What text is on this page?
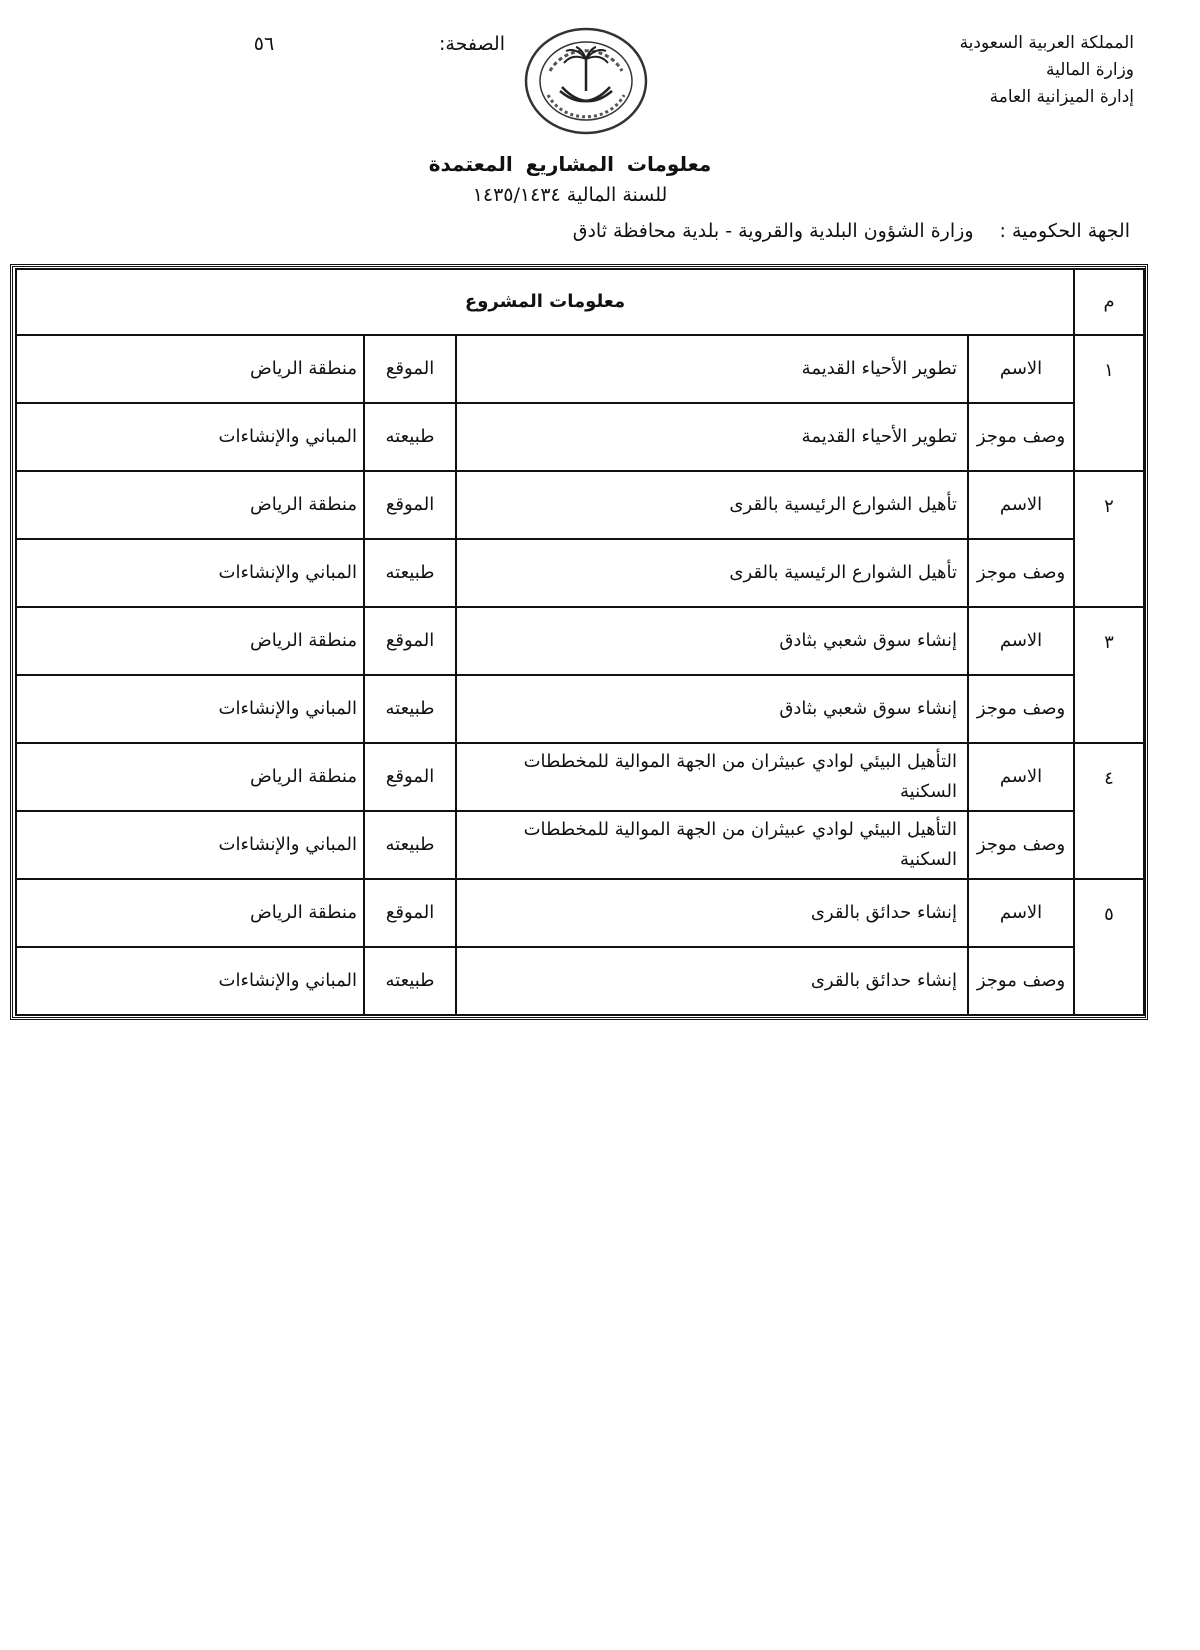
المملكة العربية السعودية
وزارة المالية
إدارة الميزانية العامة
الصفحة:
٥٦
معلومات المشاريع المعتمدة
للسنة المالية ١٤٣٥/١٤٣٤
الجهة الحكومية :وزارة الشؤون البلدية والقروية - بلدية محافظة ثادق
م	معلومات المشروع			
١	الاسم	تطوير الأحياء القديمة	الموقع	منطقة الرياض
	وصف موجز	تطوير الأحياء القديمة	طبيعته	المباني والإنشاءات
٢	الاسم	تأهيل الشوارع الرئيسية بالقرى	الموقع	منطقة الرياض
	وصف موجز	تأهيل الشوارع الرئيسية بالقرى	طبيعته	المباني والإنشاءات
٣	الاسم	إنشاء سوق شعبي بثادق	الموقع	منطقة الرياض
	وصف موجز	إنشاء سوق شعبي بثادق	طبيعته	المباني والإنشاءات
٤	الاسم	التأهيل البيئي لوادي عبيثران من الجهة الموالية للمخططات السكنية	الموقع	منطقة الرياض
	وصف موجز	التأهيل البيئي لوادي عبيثران من الجهة الموالية للمخططات السكنية	طبيعته	المباني والإنشاءات
٥	الاسم	إنشاء حدائق بالقرى	الموقع	منطقة الرياض
	وصف موجز	إنشاء حدائق بالقرى	طبيعته	المباني والإنشاءات
